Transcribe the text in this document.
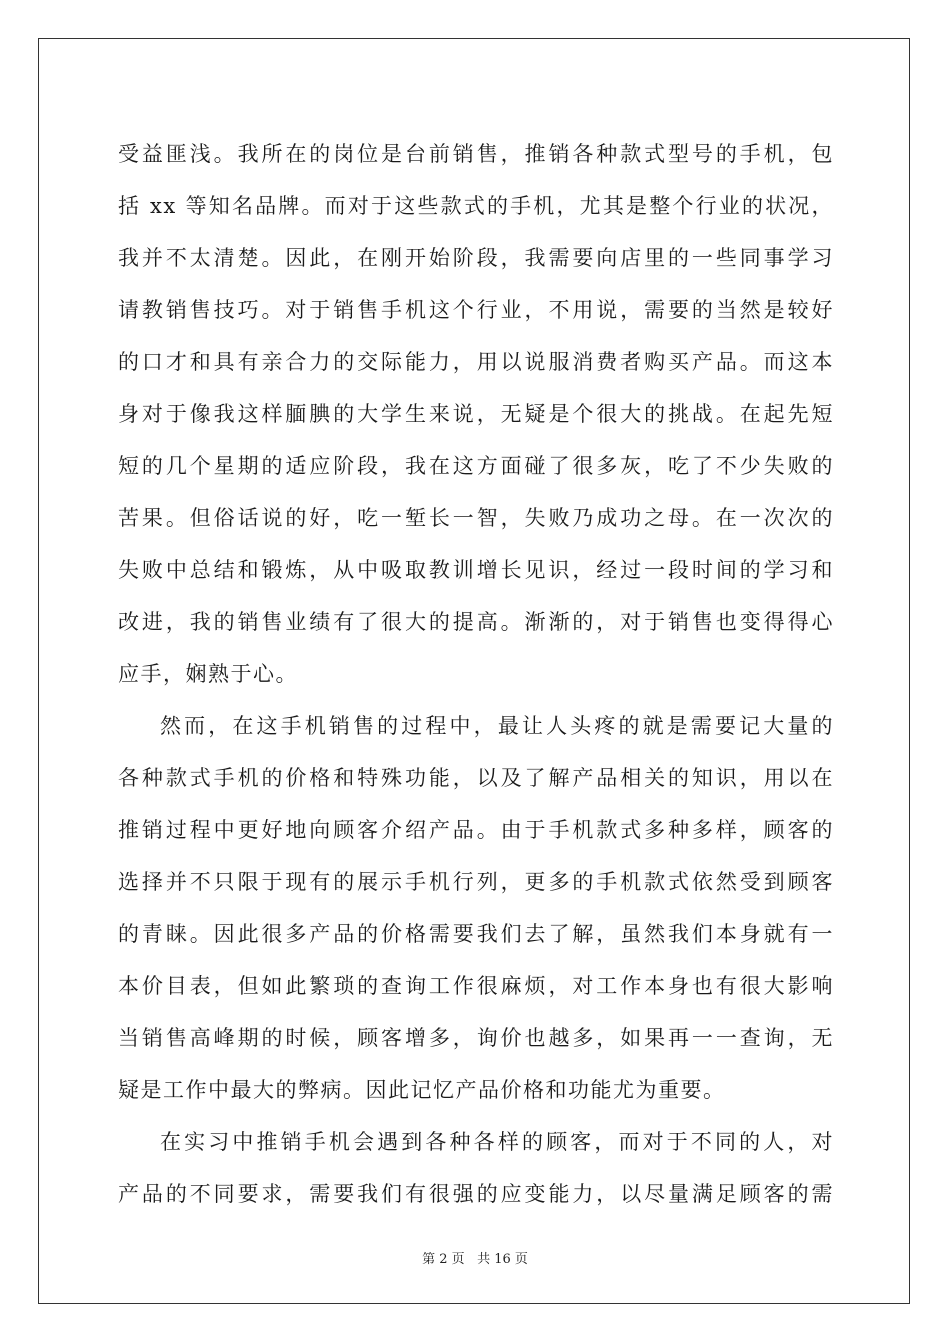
受益匪浅。我所在的岗位是台前销售，推销各种款式型号的手机，包
括 xx 等知名品牌。而对于这些款式的手机，尤其是整个行业的状况，
我并不太清楚。因此，在刚开始阶段，我需要向店里的一些同事学习
请教销售技巧。对于销售手机这个行业，不用说，需要的当然是较好
的口才和具有亲合力的交际能力，用以说服消费者购买产品。而这本
身对于像我这样腼腆的大学生来说，无疑是个很大的挑战。在起先短
短的几个星期的适应阶段，我在这方面碰了很多灰，吃了不少失败的
苦果。但俗话说的好，吃一堑长一智，失败乃成功之母。在一次次的
失败中总结和锻炼，从中吸取教训增长见识，经过一段时间的学习和
改进，我的销售业绩有了很大的提高。渐渐的，对于销售也变得得心
应手，娴熟于心。
然而，在这手机销售的过程中，最让人头疼的就是需要记大量的
各种款式手机的价格和特殊功能，以及了解产品相关的知识，用以在
推销过程中更好地向顾客介绍产品。由于手机款式多种多样，顾客的
选择并不只限于现有的展示手机行列，更多的手机款式依然受到顾客
的青睐。因此很多产品的价格需要我们去了解，虽然我们本身就有一
本价目表，但如此繁琐的查询工作很麻烦，对工作本身也有很大影响
当销售高峰期的时候，顾客增多，询价也越多，如果再一一查询，无
疑是工作中最大的弊病。因此记忆产品价格和功能尤为重要。
在实习中推销手机会遇到各种各样的顾客，而对于不同的人，对
产品的不同要求，需要我们有很强的应变能力，以尽量满足顾客的需
第 2 页 共 16 页
